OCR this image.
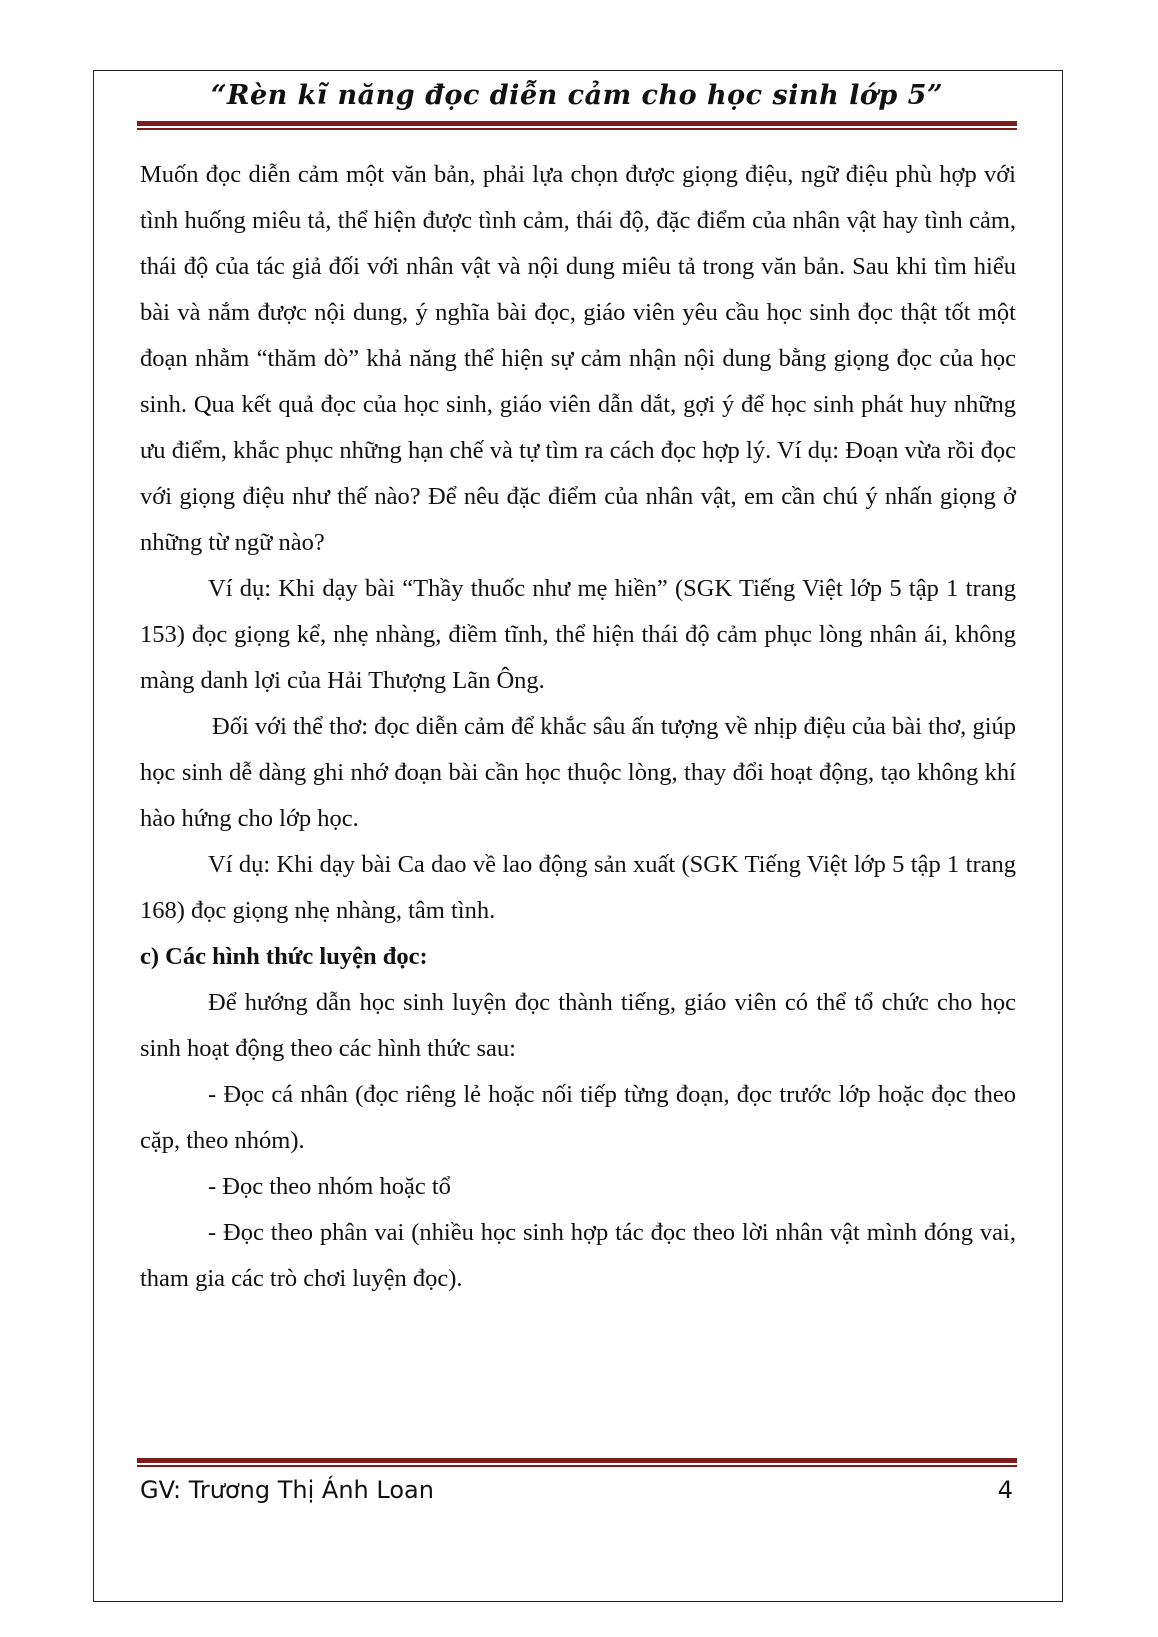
“Rèn kĩ năng đọc diễn cảm cho học sinh lớp 5”

Muốn đọc diễn cảm một văn bản, phải lựa chọn được giọng điệu, ngữ điệu phù hợp với tình huống miêu tả, thể hiện được tình cảm, thái độ, đặc điểm của nhân vật hay tình cảm, thái độ của tác giả đối với nhân vật và nội dung miêu tả trong văn bản. Sau khi tìm hiểu bài và nắm được nội dung, ý nghĩa bài đọc, giáo viên yêu cầu học sinh đọc thật tốt một đoạn nhằm “thăm dò” khả năng thể hiện sự cảm nhận nội dung bằng giọng đọc của học sinh. Qua kết quả đọc của học sinh, giáo viên dẫn dắt, gợi ý để học sinh phát huy những ưu điểm, khắc phục những hạn chế và tự tìm ra cách đọc hợp lý. Ví dụ: Đoạn vừa rồi đọc với giọng điệu như thế nào? Để nêu đặc điểm của nhân vật, em cần chú ý nhấn giọng ở những từ ngữ nào?

Ví dụ: Khi dạy bài “Thầy thuốc như mẹ hiền” (SGK Tiếng Việt lớp 5 tập 1 trang 153) đọc giọng kể, nhẹ nhàng, điềm tĩnh, thể hiện thái độ cảm phục lòng nhân ái, không màng danh lợi của Hải Thượng Lãn Ông.

Đối với thể thơ: đọc diễn cảm để khắc sâu ấn tượng về nhịp điệu của bài thơ, giúp học sinh dễ dàng ghi nhớ đoạn bài cần học thuộc lòng, thay đổi hoạt động, tạo không khí hào hứng cho lớp học.

Ví dụ: Khi dạy bài Ca dao về lao động sản xuất (SGK Tiếng Việt lớp 5 tập 1 trang 168) đọc giọng nhẹ nhàng, tâm tình.

c) Các hình thức luyện đọc:

Để hướng dẫn học sinh luyện đọc thành tiếng, giáo viên có thể tổ chức cho học sinh hoạt động theo các hình thức sau:

- Đọc cá nhân (đọc riêng lẻ hoặc nối tiếp từng đoạn, đọc trước lớp hoặc đọc theo cặp, theo nhóm).

- Đọc theo nhóm hoặc tổ

- Đọc theo phân vai (nhiều học sinh hợp tác đọc theo lời nhân vật mình đóng vai, tham gia các trò chơi luyện đọc).

GV: Trương Thị Ánh Loan	4
